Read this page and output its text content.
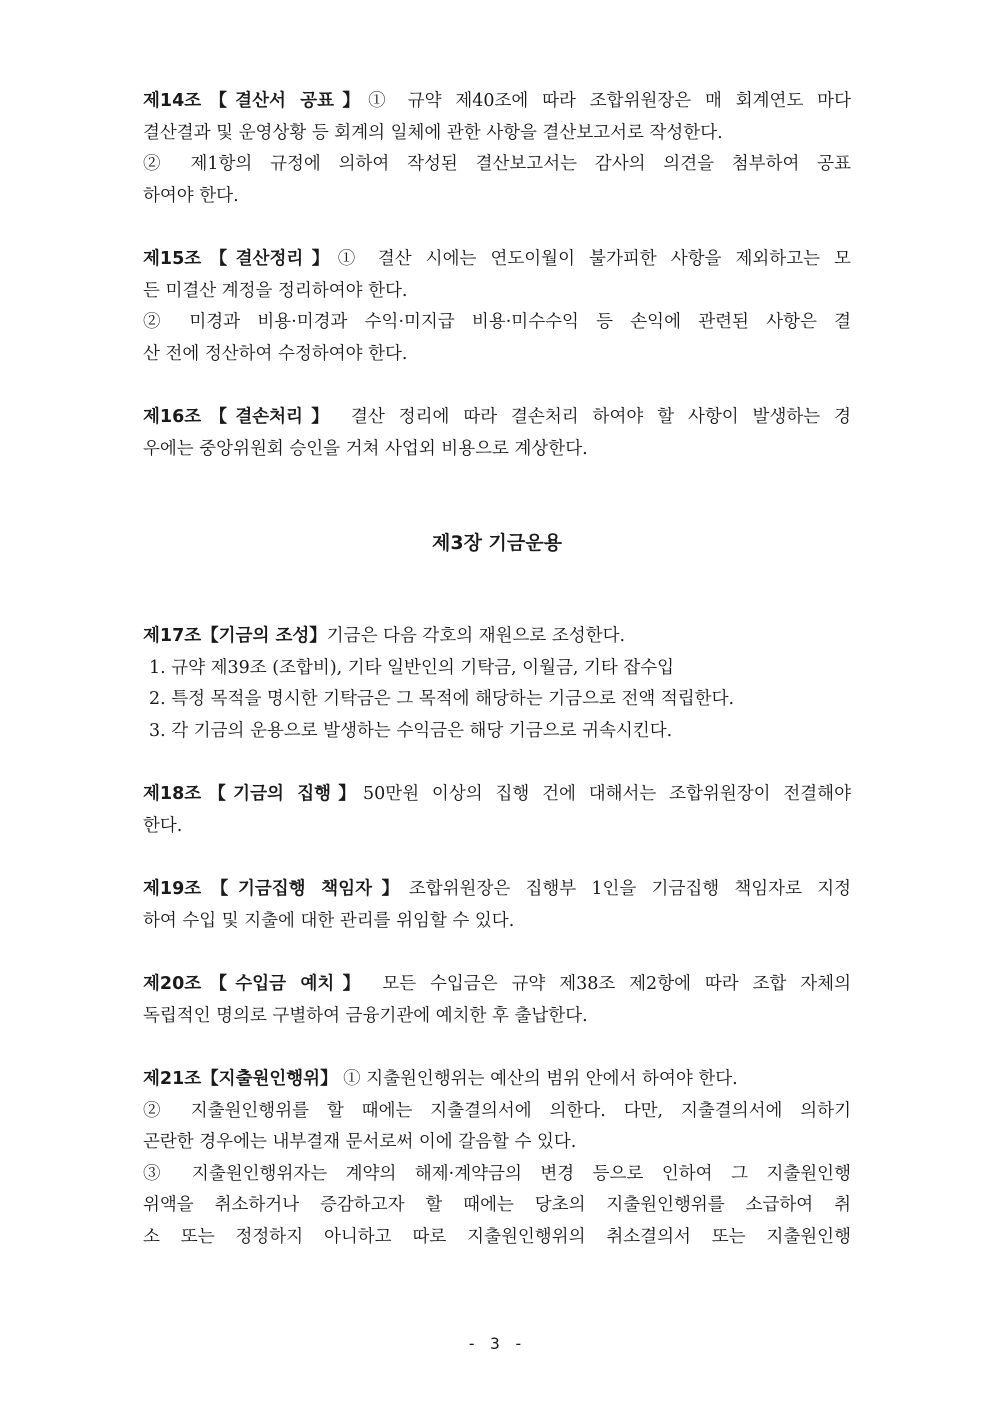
제14조【결산서 공표】① 규약 제40조에 따라 조합위원장은 매 회계연도 마다
결산결과 및 운영상황 등 회계의 일체에 관한 사항을 결산보고서로 작성한다.
② 제1항의 규정에 의하여 작성된 결산보고서는 감사의 의견을 첨부하여 공표
하여야 한다.
제15조【결산정리】① 결산 시에는 연도이월이 불가피한 사항을 제외하고는 모
든 미결산 계정을 정리하여야 한다.
② 미경과 비용·미경과 수익·미지급 비용·미수수익 등 손익에 관련된 사항은 결
산 전에 정산하여 수정하여야 한다.
제16조【결손처리】 결산 정리에 따라 결손처리 하여야 할 사항이 발생하는 경
우에는 중앙위원회 승인을 거쳐 사업외 비용으로 계상한다.
제3장 기금운용
제17조【기금의 조성】기금은 다음 각호의 재원으로 조성한다.
1. 규약 제39조 (조합비), 기타 일반인의 기탁금, 이월금, 기타 잡수입
2. 특정 목적을 명시한 기탁금은 그 목적에 해당하는 기금으로 전액 적립한다.
3. 각 기금의 운용으로 발생하는 수익금은 해당 기금으로 귀속시킨다.
제18조【기금의 집행】50만원 이상의 집행 건에 대해서는 조합위원장이 전결해야
한다.
제19조【기금집행 책임자】조합위원장은 집행부 1인을 기금집행 책임자로 지정
하여 수입 및 지출에 대한 관리를 위임할 수 있다.
제20조【수입금 예치】 모든 수입금은 규약 제38조 제2항에 따라 조합 자체의
독립적인 명의로 구별하여 금융기관에 예치한 후 출납한다.
제21조【지출원인행위】 ① 지출원인행위는 예산의 범위 안에서 하여야 한다.
② 지출원인행위를 할 때에는 지출결의서에 의한다. 다만, 지출결의서에 의하기
곤란한 경우에는 내부결재 문서로써 이에 갈음할 수 있다.
③ 지출원인행위자는 계약의 해제·계약금의 변경 등으로 인하여 그 지출원인행
위액을 취소하거나 증감하고자 할 때에는 당초의 지출원인행위를 소급하여 취
소 또는 정정하지 아니하고 따로 지출원인행위의 취소결의서 또는 지출원인행
- 3 -
